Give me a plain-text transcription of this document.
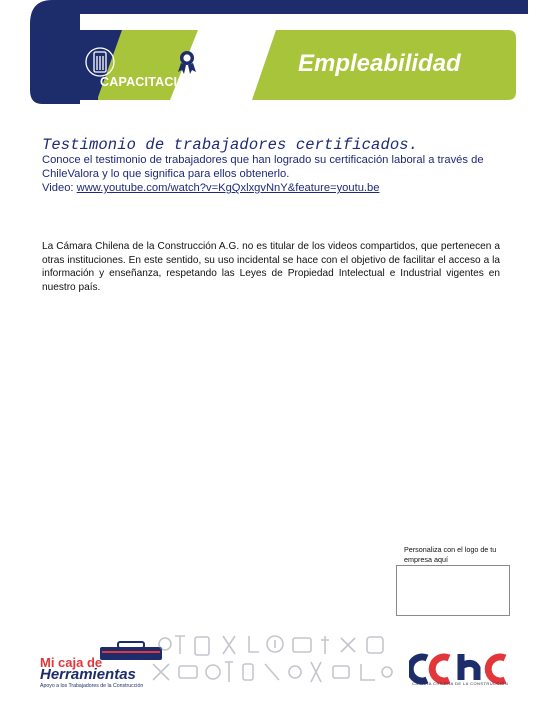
CAPACITACIÓN
Empleabilidad
Testimonio de trabajadores certificados.
Conoce el testimonio de trabajadores que han logrado su certificación laboral a través de ChileValora y lo que significa para ellos obtenerlo.
Video: www.youtube.com/watch?v=KgQxlxgvNnY&feature=youtu.be
La Cámara Chilena de la Construcción A.G. no es titular de los videos compartidos, que pertenecen a otras instituciones. En este sentido, su uso incidental se hace con el objetivo de facilitar el acceso a la información y enseñanza, respetando las Leyes de Propiedad Intelectual e Industrial vigentes en nuestro país.
Personaliza con el logo de tu empresa aquí
Mi caja de
Herramientas
Apoyo a los Trabajadores de la Construcción	CÁMARA CHILENA DE LA CONSTRUCCIÓN
